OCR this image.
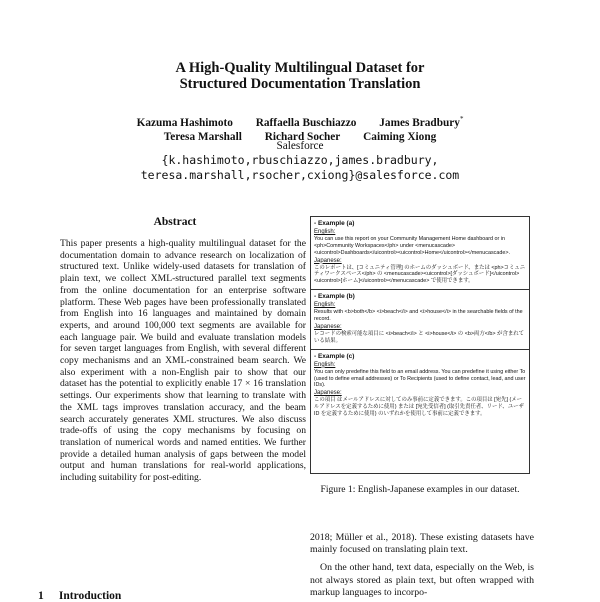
A High-Quality Multilingual Dataset for
Structured Documentation Translation
Kazuma Hashimoto Raffaella Buschiazzo James Bradbury*
Teresa Marshall Richard Socher Caiming Xiong
Salesforce
{k.hashimoto,rbuschiazzo,james.bradbury,
teresa.marshall,rsocher,cxiong}@salesforce.com
Abstract
This paper presents a high-quality multilingual dataset for the documentation domain to advance research on localization of structured text. Unlike widely-used datasets for translation of plain text, we collect XML-structured parallel text segments from the online documentation for an enterprise software platform. These Web pages have been professionally translated from English into 16 languages and maintained by domain experts, and around 100,000 text segments are available for each language pair. We build and evaluate translation models for seven target languages from English, with several different copy mechanisms and an XML-constrained beam search. We also experiment with a non-English pair to show that our dataset has the potential to explicitly enable 17 × 16 translation settings. Our experiments show that learning to translate with the XML tags improves translation accuracy, and the beam search accurately generates XML structures. We also discuss trade-offs of using the copy mechanisms by focusing on translation of numerical words and named entities. We further provide a detailed human analysis of gaps between the model output and human translations for real-world applications, including suitability for post-editing.
1 Introduction
- Example (a)
English:
You can use this report on your Community Management Home dashboard or in <ph>Community Workspaces</ph> under <menucascade><uicontrol>Dashboards</uicontrol><uicontrol>Home</uicontrol></menucascade>.
Japanese:
このレポートは、[コミュニティ管理] のホームのダッシュボード、または <ph>コミュニティワークスペース</ph> の <menucascade><uicontrol>[ダッシュボード]</uicontrol><uicontrol>[ホーム]</uicontrol></menucascade> で使用できます。
- Example (b)
English:
Results with <b>both</b> <i>beach</i> and <i>house</i> in the searchable fields of the record.
Japanese:
レコードの検索可能な項目に <i>beach</i> と <i>house</i> の <b>両方</b> が含まれている結果。
- Example (c)
English:
You can only predefine this field to an email address. You can predefine it using either To (used to define email addresses) or To Recipients (used to define contact, lead, and user IDs).
Japanese:
この項目 はメールアドレスに対してのみ事前に定義できます。この項目は [宛先] (メールアドレスを定義するために使用) または [宛先受信者] (取引先責任者、リード、ユーザ ID を定義するために使用) のいずれかを使用して事前に定義できます。
Figure 1: English-Japanese examples in our dataset.

2018; Müller et al., 2018). These existing datasets have mainly focused on translating plain text.

On the other hand, text data, especially on the Web, is not always stored as plain text, but often wrapped with markup languages to incorpo-
